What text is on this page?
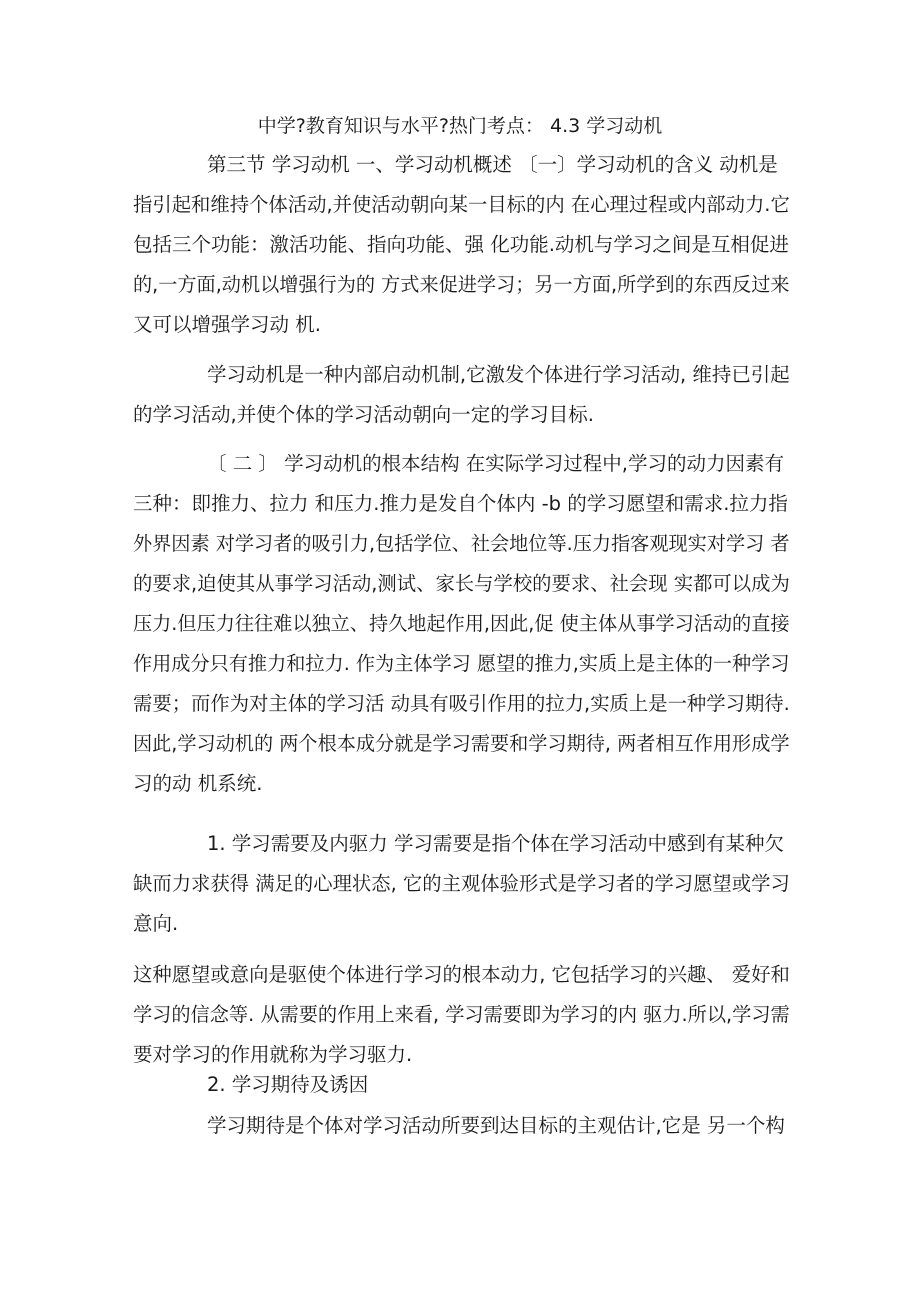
中学?教育知识与水平?热门考点： 4.3 学习动机
第三节 学习动机 一、学习动机概述 〔一〕学习动机的含义 动机是
指引起和维持个体活动,并使活动朝向某一目标的内 在心理过程或内部动力.它
包括三个功能：激活功能、指向功能、强 化功能.动机与学习之间是互相促进
的,一方面,动机以增强行为的 方式来促进学习；另一方面,所学到的东西反过来
又可以增强学习动 机.
学习动机是一种内部启动机制,它激发个体进行学习活动, 维持已引起
的学习活动,并使个体的学习活动朝向一定的学习目标.
〔 二 〕 学习动机的根本结构 在实际学习过程中,学习的动力因素有
三种：即推力、拉力 和压力.推力是发自个体内 -b 的学习愿望和需求.拉力指
外界因素 对学习者的吸引力,包括学位、社会地位等.压力指客观现实对学习 者
的要求,迫使其从事学习活动,测试、家长与学校的要求、社会现 实都可以成为
压力.但压力往往难以独立、持久地起作用,因此,促 使主体从事学习活动的直接
作用成分只有推力和拉力. 作为主体学习 愿望的推力,实质上是主体的一种学习
需要；而作为对主体的学习活 动具有吸引作用的拉力,实质上是一种学习期待.
因此,学习动机的 两个根本成分就是学习需要和学习期待, 两者相互作用形成学
习的动 机系统.
1. 学习需要及内驱力 学习需要是指个体在学习活动中感到有某种欠
缺而力求获得 满足的心理状态, 它的主观体验形式是学习者的学习愿望或学习
意向.
这种愿望或意向是驱使个体进行学习的根本动力, 它包括学习的兴趣、 爱好和
学习的信念等. 从需要的作用上来看, 学习需要即为学习的内 驱力.所以,学习需
要对学习的作用就称为学习驱力.
2. 学习期待及诱因
学习期待是个体对学习活动所要到达目标的主观估计,它是 另一个构
